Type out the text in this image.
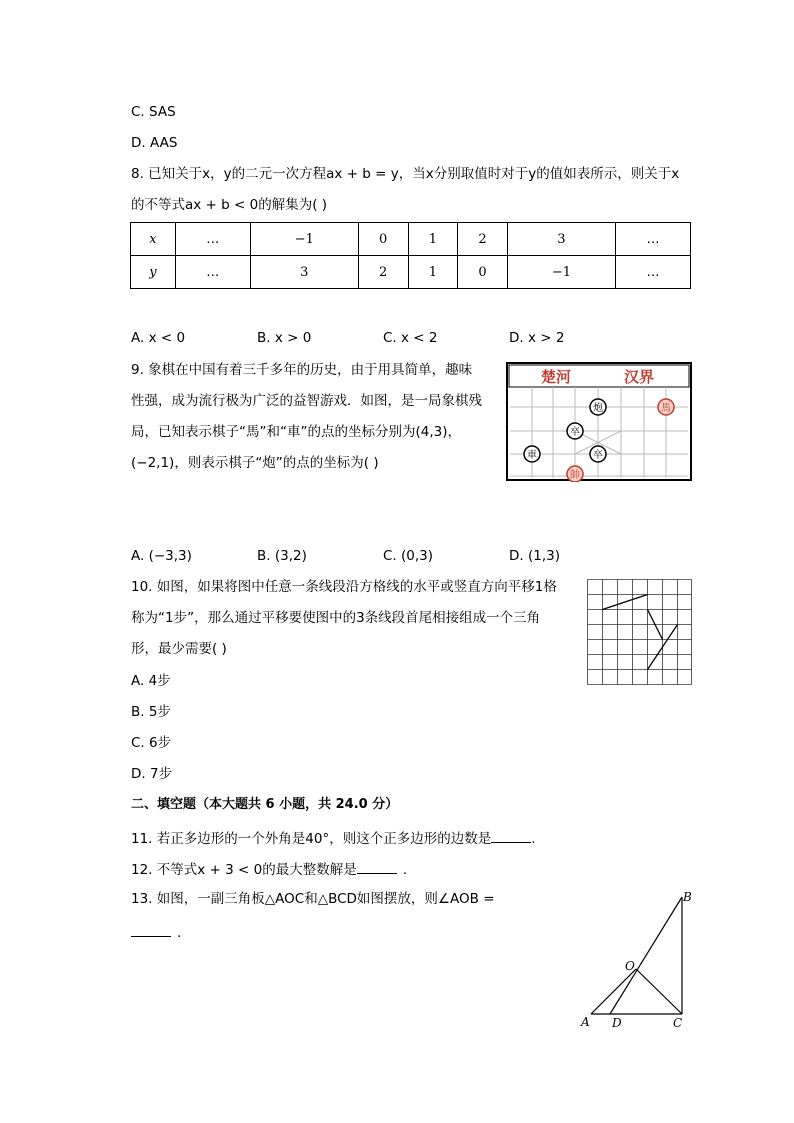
C. SAS
D. AAS
8. 已知关于x，y的二元一次方程ax + b = y，当x分别取值时对于y的值如表所示，则关于x
的不等式ax + b < 0的解集为( )
x	…	−1	0	1	2	3	…
y	…	3	2	1	0	−1	…
A. x < 0	B. x > 0	C. x < 2	D. x > 2
9. 象棋在中国有着三千多年的历史，由于用具简单，趣味
性强，成为流行极为广泛的益智游戏．如图，是一局象棋残
局，已知表示棋子“馬”和“車”的点的坐标分别为(4,3)，
(−2,1)，则表示棋子“炮”的点的坐标为( )
楚河	汉界
炮	馬
卒
車	卒
帥
A. (−3,3)	B. (3,2)	C. (0,3)	D. (1,3)
10. 如图，如果将图中任意一条线段沿方格线的水平或竖直方向平移1格
称为“1步”，那么通过平移要使图中的3条线段首尾相接组成一个三角
形，最少需要( )
A. 4步
B. 5步
C. 6步
D. 7步
二、填空题（本大题共 6 小题，共 24.0 分）
11. 若正多边形的一个外角是40°，则这个正多边形的边数是	.
12. 不等式x + 3 < 0的最大整数解是	.
13. 如图，一副三角板△AOC和△BCD如图摆放，则∠AOB =
.
B
O
A D	C
